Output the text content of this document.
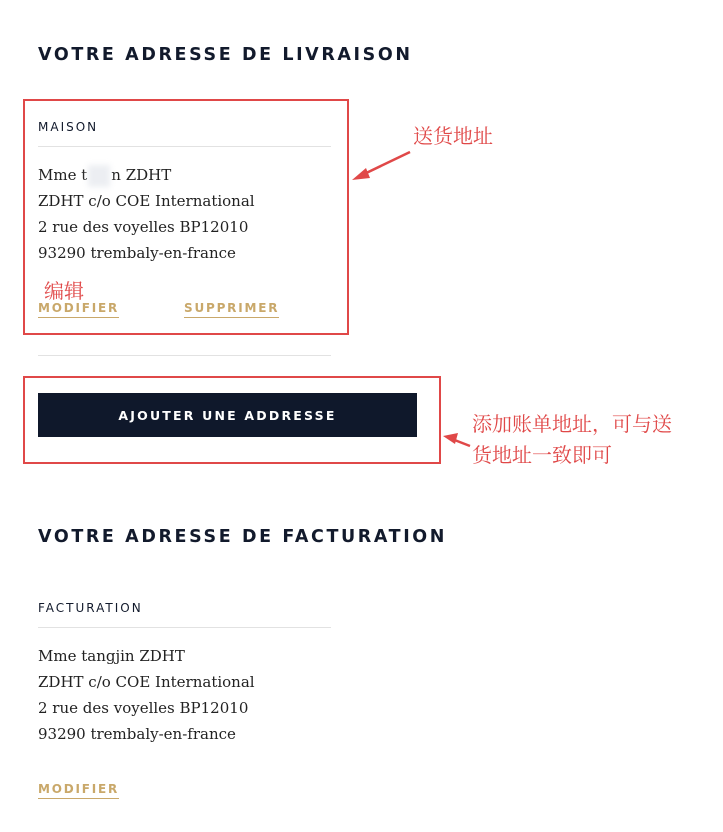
VOTRE ADRESSE DE LIVRAISON
MAISON
Mme t n ZDHT
ZDHT c/o COE International
2 rue des voyelles BP12010
93290 trembaly-en-france
MODIFIER	SUPPRIMER
AJOUTER UNE ADDRESSE
VOTRE ADRESSE DE FACTURATION
FACTURATION
Mme tangjin ZDHT
ZDHT c/o COE International
2 rue des voyelles BP12010
93290 trembaly-en-france
MODIFIER
编辑
送货地址
添加账单地址，可与送
货地址一致即可
